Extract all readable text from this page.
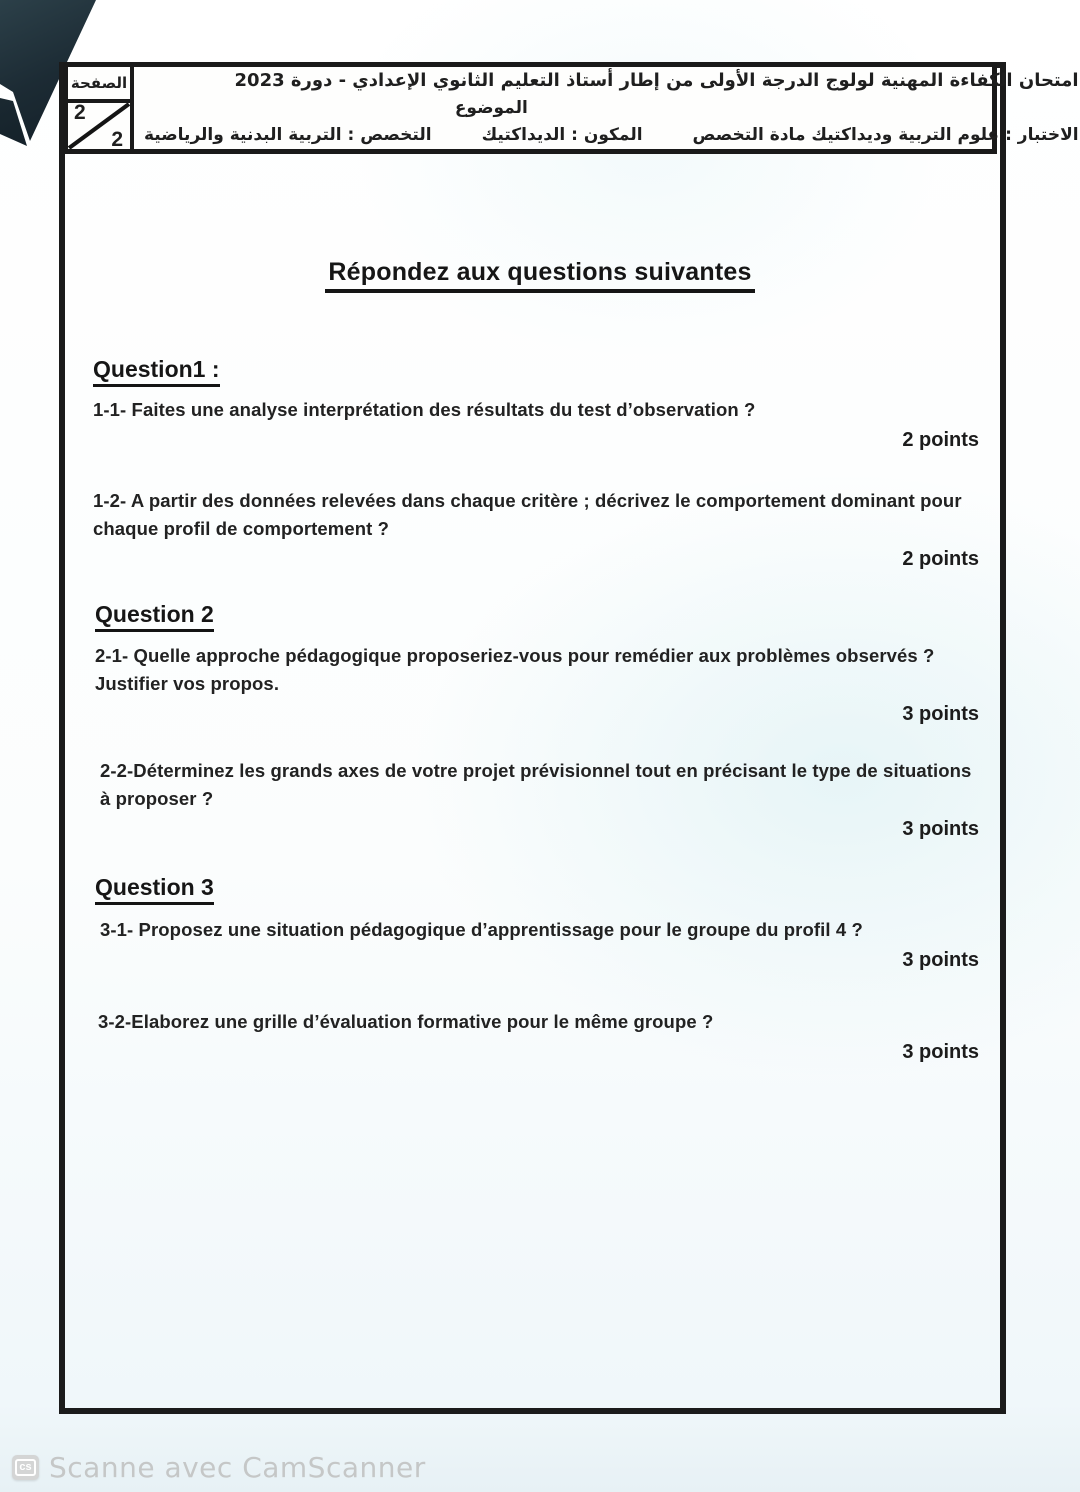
الصفحة
2
2
امتحان الكفاءة المهنية لولوج الدرجة الأولى من إطار أستاذ التعليم الثانوي الإعدادي - دورة 2023
الموضوع
الاختبار : علوم التربية وديداكتيك مادة التخصص
المكون : الديداكتيك
التخصص : التربية البدنية والرياضية
Répondez aux questions suivantes
Question1 :
1-1- Faites une analyse interprétation des résultats du test d’observation ?
2 points
1-2- A partir des données relevées dans chaque critère ; décrivez le comportement dominant pour chaque profil de comportement ?
2 points
Question 2
2-1- Quelle approche pédagogique proposeriez-vous pour remédier aux problèmes observés ? Justifier vos propos.
3 points
2-2-Déterminez les grands axes de votre projet prévisionnel tout en précisant le type de situations à proposer ?
3 points
Question 3
3-1- Proposez une situation pédagogique d’apprentissage pour le groupe du profil 4 ?
3 points
3-2-Elaborez une grille d’évaluation formative pour le même groupe ?
3 points
cs Scanne avec CamScanner
